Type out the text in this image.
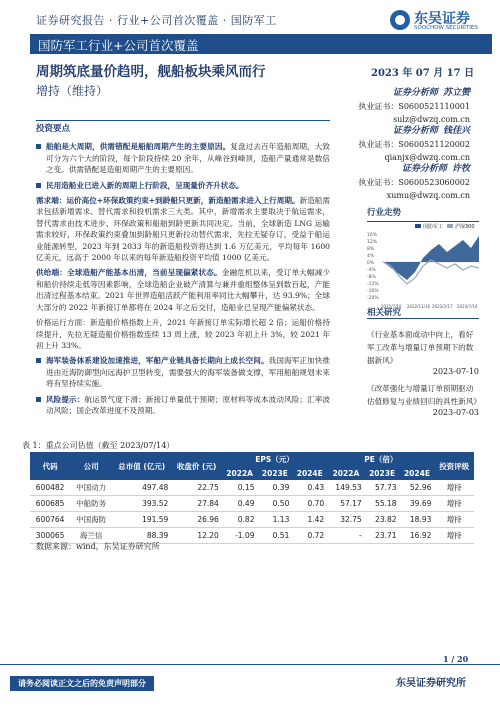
证券研究报告 · 行业+公司首次覆盖 · 国防军工	东吴证券
SOOCHOW SECURITIES
国防军工行业+公司首次覆盖
周期筑底量价趋明，舰船板块乘风而行	2023 年 07 月 17 日
增持（维持）	证券分析师 苏立赞
执业证书：S0600521110001
sulz@dwzq.com.cn
证券分析师 钱佳兴
执业证书：S0600521120002
qianjx@dwzq.com.cn
证券分析师 许牧
执业证书：S0600523060002
xumu@dwzq.com.cn
投资要点

舶舶是大周期，供需错配是船舶周期产生的主要原因。复盘过去百年造船周期，大致可分为六个大的阶段，每个阶段持续 20 余年，从峰谷到峰顶，造船产量通常是数倍之变。供需错配是造船周期产生的主要原因。

民用造船业已进入新的周期上行阶段，呈现量价齐升状态。

需求端：运价高位+环保政策约束+到龄船只更新，新造船需求进入上行周期。新造船需求包括新增需求、替代需求和投机需求三大类。其中，新增需求主要取决于航运需求，替代需求由技术进步、环保政策和船舶到龄更新共同决定。当前，全球新造 LNG 运输需求较好，环保政策约束叠加到龄船只更新拉动替代需求，先拉无疑存订，受益于船运业能源转型，2023 年到 2033 年的新造船投资将达到 1.6 万亿美元，平均每年 1600 亿美元，远高于 2000 年以来的每年新造船投资平均值 1000 亿美元。

供给端：全球造船产能基本出清，当前呈现偏紧状态。金融危机以来，受订单大幅减少和船价持续走低等因素影响，全球造船企业破产清算与兼并重组整体呈到数百起，产能出清过程基本结束。2021 年世界造船活跃产能利用率同比大幅攀升，达 93.9%；全球大部分的 2022 年新接订单都将在 2024 年之后交付，造船业已呈现产能偏紧状态。

价格运行方面：新造船价格指数上升，2021 年新接订单实际增长超 2 倍；运船价格持续提升，先拉无疑造船价格指数连续 13 周上涨，较 2023 年初上升 3%，较 2021 年初上升 33%。

海军装备体系建设加速推进，军船产业链具备长期向上成长空间。我国海军正加快推进由近海防御型向远海护卫型转变，需要强大的海军装备做支撑，军用船舶规划未来将有坚持续实施。

风险提示：航运景气度下滑；新接订单量低于预期；原材料等成本波动风险；汇率波动风险；国企改革进度不及预期。

行业走势
国防军工 沪深300
16%
12%
8%
4%
0%
-4%
-8%
-12%
-16%
-20%
2022/7/18 2022/11/16 2023/3/17 2023/7/16
相关研究
《行业基本面或动中向上，看好军工改革与增量订单预期下的数据新风》
2023-07-10
《改革强化与增量订单预期驱动估值修复与业绩回归的具性新风》
2023-07-03
表 1：重点公司估值（截至 2023/07/14）
代码	公司	总市值 (亿元)	收盘价 (元)	EPS（元）			PE（倍）			投资评级
				2022A	2023E	2024E	2022A	2023E	2024E	
600482	中国动力	497.48	22.75	0.15	0.39	0.43	149.53	57.73	52.96	增持
600685	中船防务	393.52	27.84	0.49	0.50	0.70	57.17	55.18	39.69	增持
600764	中国海防	191.59	26.96	0.82	1.13	1.42	32.75	23.82	18.93	增持
300065	海兰信	88.39	12.20	-1.09	0.51	0.72	-	23.71	16.92	增持
数据来源：wind，东吴证券研究所
1 / 20
请务必阅读正文之后的免责声明部分	东吴证券研究所
